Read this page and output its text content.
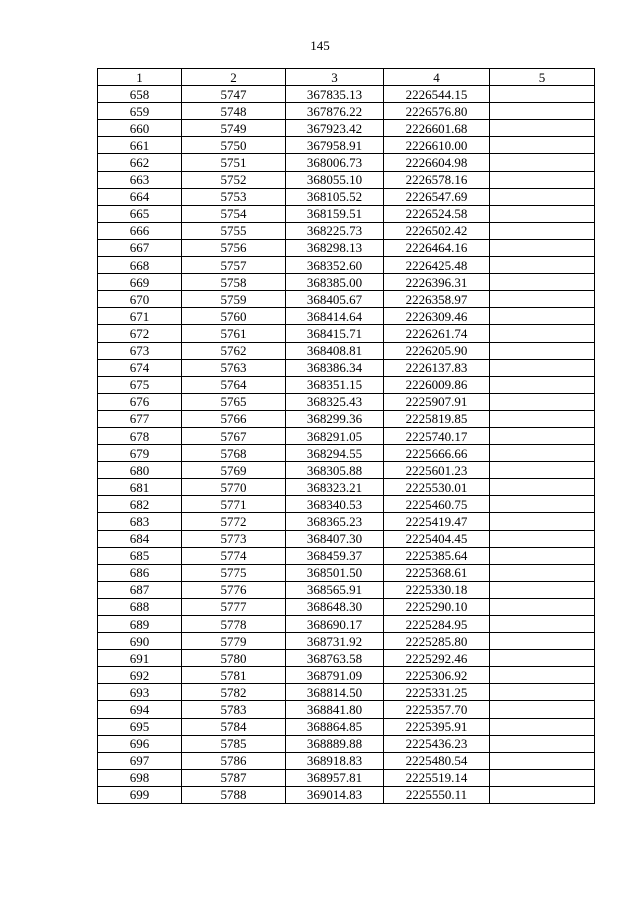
145
1	2	3	4	5
658	5747	367835.13	2226544.15	
659	5748	367876.22	2226576.80	
660	5749	367923.42	2226601.68	
661	5750	367958.91	2226610.00	
662	5751	368006.73	2226604.98	
663	5752	368055.10	2226578.16	
664	5753	368105.52	2226547.69	
665	5754	368159.51	2226524.58	
666	5755	368225.73	2226502.42	
667	5756	368298.13	2226464.16	
668	5757	368352.60	2226425.48	
669	5758	368385.00	2226396.31	
670	5759	368405.67	2226358.97	
671	5760	368414.64	2226309.46	
672	5761	368415.71	2226261.74	
673	5762	368408.81	2226205.90	
674	5763	368386.34	2226137.83	
675	5764	368351.15	2226009.86	
676	5765	368325.43	2225907.91	
677	5766	368299.36	2225819.85	
678	5767	368291.05	2225740.17	
679	5768	368294.55	2225666.66	
680	5769	368305.88	2225601.23	
681	5770	368323.21	2225530.01	
682	5771	368340.53	2225460.75	
683	5772	368365.23	2225419.47	
684	5773	368407.30	2225404.45	
685	5774	368459.37	2225385.64	
686	5775	368501.50	2225368.61	
687	5776	368565.91	2225330.18	
688	5777	368648.30	2225290.10	
689	5778	368690.17	2225284.95	
690	5779	368731.92	2225285.80	
691	5780	368763.58	2225292.46	
692	5781	368791.09	2225306.92	
693	5782	368814.50	2225331.25	
694	5783	368841.80	2225357.70	
695	5784	368864.85	2225395.91	
696	5785	368889.88	2225436.23	
697	5786	368918.83	2225480.54	
698	5787	368957.81	2225519.14	
699	5788	369014.83	2225550.11	
